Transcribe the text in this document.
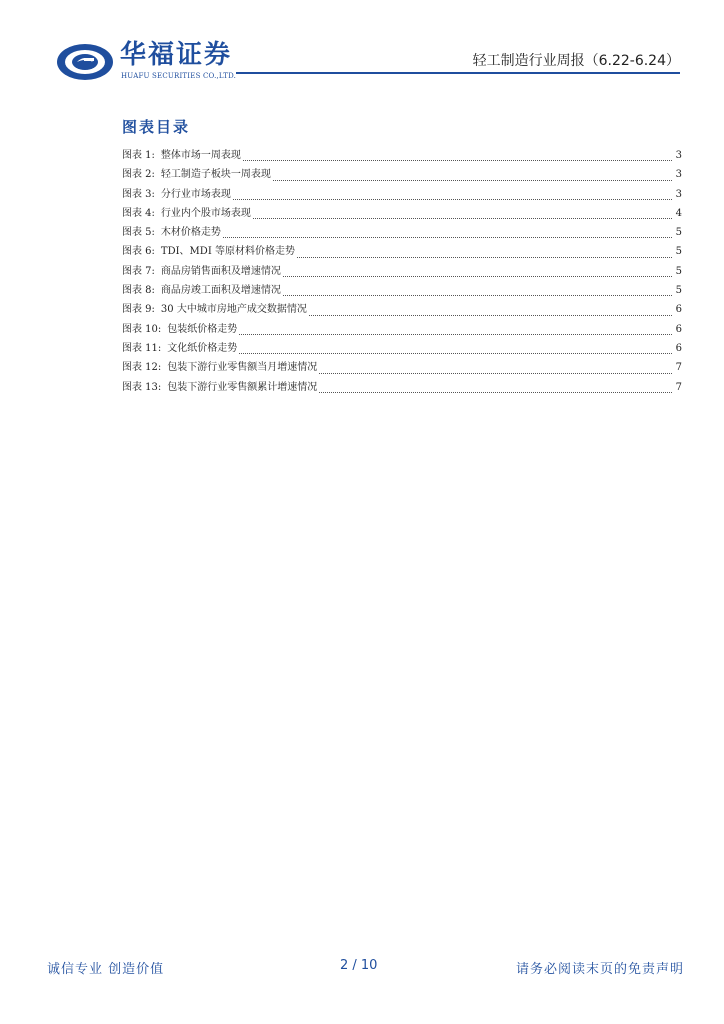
华福证券
HUAFU SECURITIES CO.,LTD.
轻工制造行业周报（6.22-6.24）
图表目录
图表 1: 整体市场一周表现	3
图表 2: 轻工制造子板块一周表现	3
图表 3: 分行业市场表现	3
图表 4: 行业内个股市场表现	4
图表 5: 木材价格走势	5
图表 6: TDI、MDI 等原材料价格走势	5
图表 7: 商品房销售面积及增速情况	5
图表 8: 商品房竣工面积及增速情况	5
图表 9: 30 大中城市房地产成交数据情况	6
图表 10: 包装纸价格走势	6
图表 11: 文化纸价格走势	6
图表 12: 包装下游行业零售额当月增速情况	7
图表 13: 包装下游行业零售额累计增速情况	7
诚信专业 创造价值	2 / 10	请务必阅读末页的免责声明
